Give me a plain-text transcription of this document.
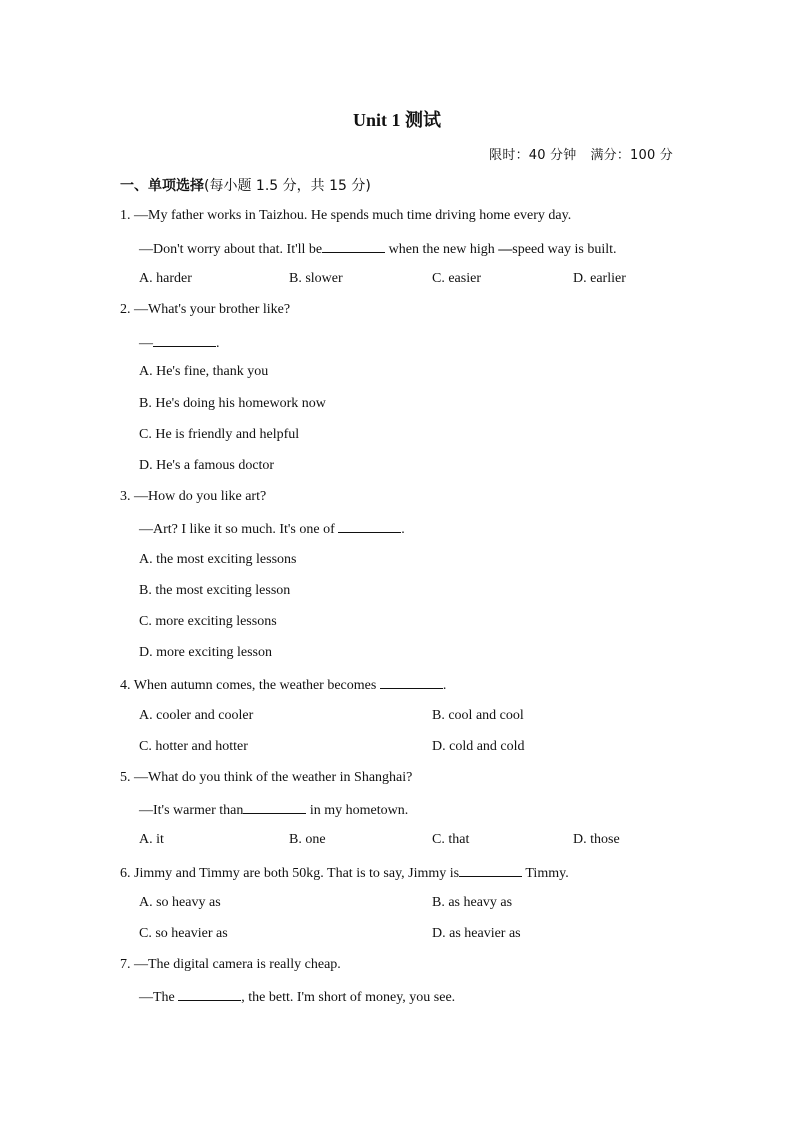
Unit 1 测试
限时：40 分钟 满分：100 分
一、单项选择(每小题 1.5 分，共 15 分)
1. —My father works in Taizhou. He spends much time driving home every day.
—Don't worry about that. It'll be	when the new high —speed way is built.
A. harder	B. slower	C. easier	D. earlier
2. —What's your brother like?
—	.
A. He's fine, thank you
B. He's doing his homework now
C. He is friendly and helpful
D. He's a famous doctor
3. —How do you like art?
—Art? I like it so much. It's one of	.
A. the most exciting lessons
B. the most exciting lesson
C. more exciting lessons
D. more exciting lesson
4. When autumn comes, the weather becomes	.
A. cooler and cooler	B. cool and cool
C. hotter and hotter	D. cold and cold
5. —What do you think of the weather in Shanghai?
—It's warmer than	in my hometown.
A. it	B. one	C. that	D. those
6. Jimmy and Timmy are both 50kg. That is to say, Jimmy is	Timmy.
A. so heavy as	B. as heavy as
C. so heavier as	D. as heavier as
7. —The digital camera is really cheap.
—The	, the bett. I'm short of money, you see.
